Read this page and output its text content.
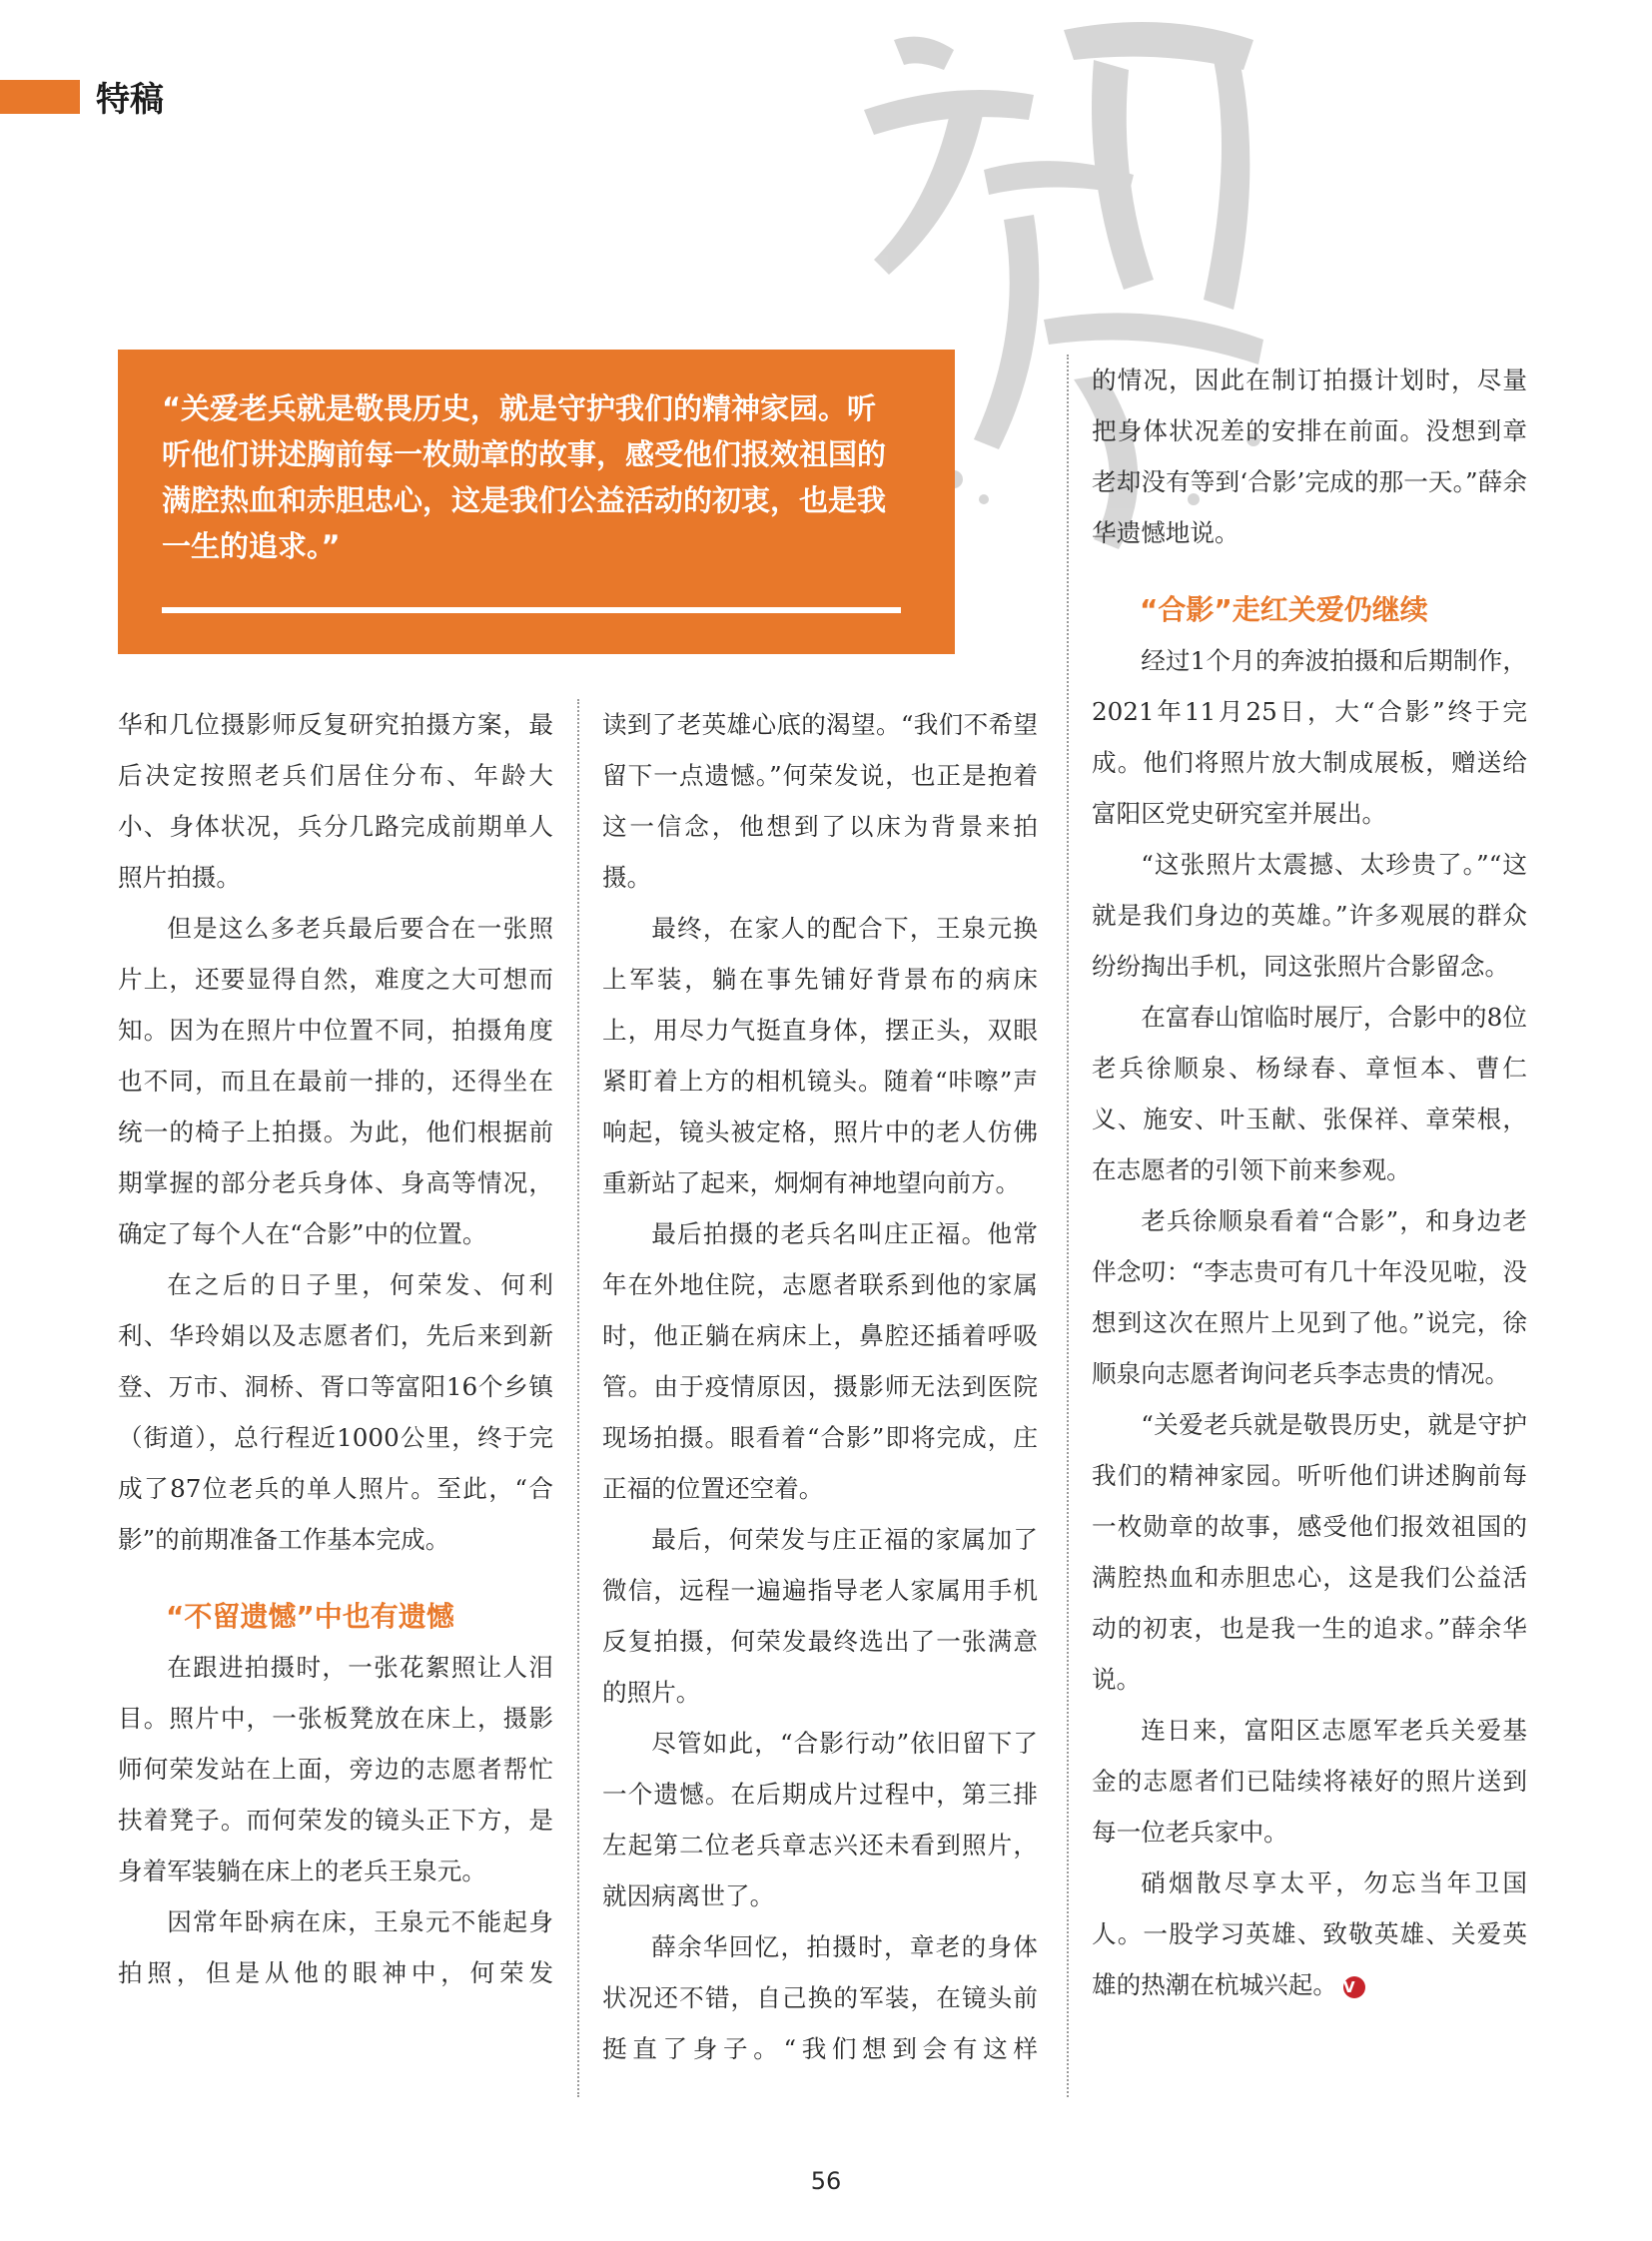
特稿
“关爱老兵就是敬畏历史，就是守护我们的精神家园。听听他们讲述胸前每一枚勋章的故事，感受他们报效祖国的满腔热血和赤胆忠心，这是我们公益活动的初衷，也是我一生的追求。”

华和几位摄影师反复研究拍摄方案，最后决定按照老兵们居住分布、年龄大小、身体状况，兵分几路完成前期单人照片拍摄。

但是这么多老兵最后要合在一张照片上，还要显得自然，难度之大可想而知。因为在照片中位置不同，拍摄角度也不同，而且在最前一排的，还得坐在统一的椅子上拍摄。为此，他们根据前期掌握的部分老兵身体、身高等情况，确定了每个人在“合影”中的位置。

在之后的日子里，何荣发、何利利、华玲娟以及志愿者们，先后来到新登、万市、洞桥、胥口等富阳16个乡镇（街道），总行程近1000公里，终于完成了87位老兵的单人照片。至此，“合影”的前期准备工作基本完成。

“不留遗憾”中也有遗憾

在跟进拍摄时，一张花絮照让人泪目。照片中，一张板凳放在床上，摄影师何荣发站在上面，旁边的志愿者帮忙扶着凳子。而何荣发的镜头正下方，是身着军装躺在床上的老兵王泉元。

因常年卧病在床，王泉元不能起身拍照，但是从他的眼神中，何荣发

读到了老英雄心底的渴望。“我们不希望留下一点遗憾。”何荣发说，也正是抱着这一信念，他想到了以床为背景来拍摄。

最终，在家人的配合下，王泉元换上军装，躺在事先铺好背景布的病床上，用尽力气挺直身体，摆正头，双眼紧盯着上方的相机镜头。随着“咔嚓”声响起，镜头被定格，照片中的老人仿佛重新站了起来，炯炯有神地望向前方。

最后拍摄的老兵名叫庄正福。他常年在外地住院，志愿者联系到他的家属时，他正躺在病床上，鼻腔还插着呼吸管。由于疫情原因，摄影师无法到医院现场拍摄。眼看着“合影”即将完成，庄正福的位置还空着。

最后，何荣发与庄正福的家属加了微信，远程一遍遍指导老人家属用手机反复拍摄，何荣发最终选出了一张满意的照片。

尽管如此，“合影行动”依旧留下了一个遗憾。在后期成片过程中，第三排左起第二位老兵章志兴还未看到照片，就因病离世了。

薛余华回忆，拍摄时，章老的身体状况还不错，自己换的军装，在镜头前挺直了身子。“我们想到会有这样

的情况，因此在制订拍摄计划时，尽量把身体状况差的安排在前面。没想到章老却没有等到‘合影’完成的那一天。”薛余华遗憾地说。

“合影”走红关爱仍继续

经过1个月的奔波拍摄和后期制作，2021年11月25日，大“合影”终于完成。他们将照片放大制成展板，赠送给富阳区党史研究室并展出。

“这张照片太震撼、太珍贵了。”“这就是我们身边的英雄。”许多观展的群众纷纷掏出手机，同这张照片合影留念。

在富春山馆临时展厅，合影中的8位老兵徐顺泉、杨绿春、章恒本、曹仁义、施安、叶玉献、张保祥、章荣根，在志愿者的引领下前来参观。

老兵徐顺泉看着“合影”，和身边老伴念叨：“李志贵可有几十年没见啦，没想到这次在照片上见到了他。”说完，徐顺泉向志愿者询问老兵李志贵的情况。

“关爱老兵就是敬畏历史，就是守护我们的精神家园。听听他们讲述胸前每一枚勋章的故事，感受他们报效祖国的满腔热血和赤胆忠心，这是我们公益活动的初衷，也是我一生的追求。”薛余华说。

连日来，富阳区志愿军老兵关爱基金的志愿者们已陆续将裱好的照片送到每一位老兵家中。

硝烟散尽享太平，勿忘当年卫国人。一股学习英雄、致敬英雄、关爱英雄的热潮在杭城兴起。 V

56
